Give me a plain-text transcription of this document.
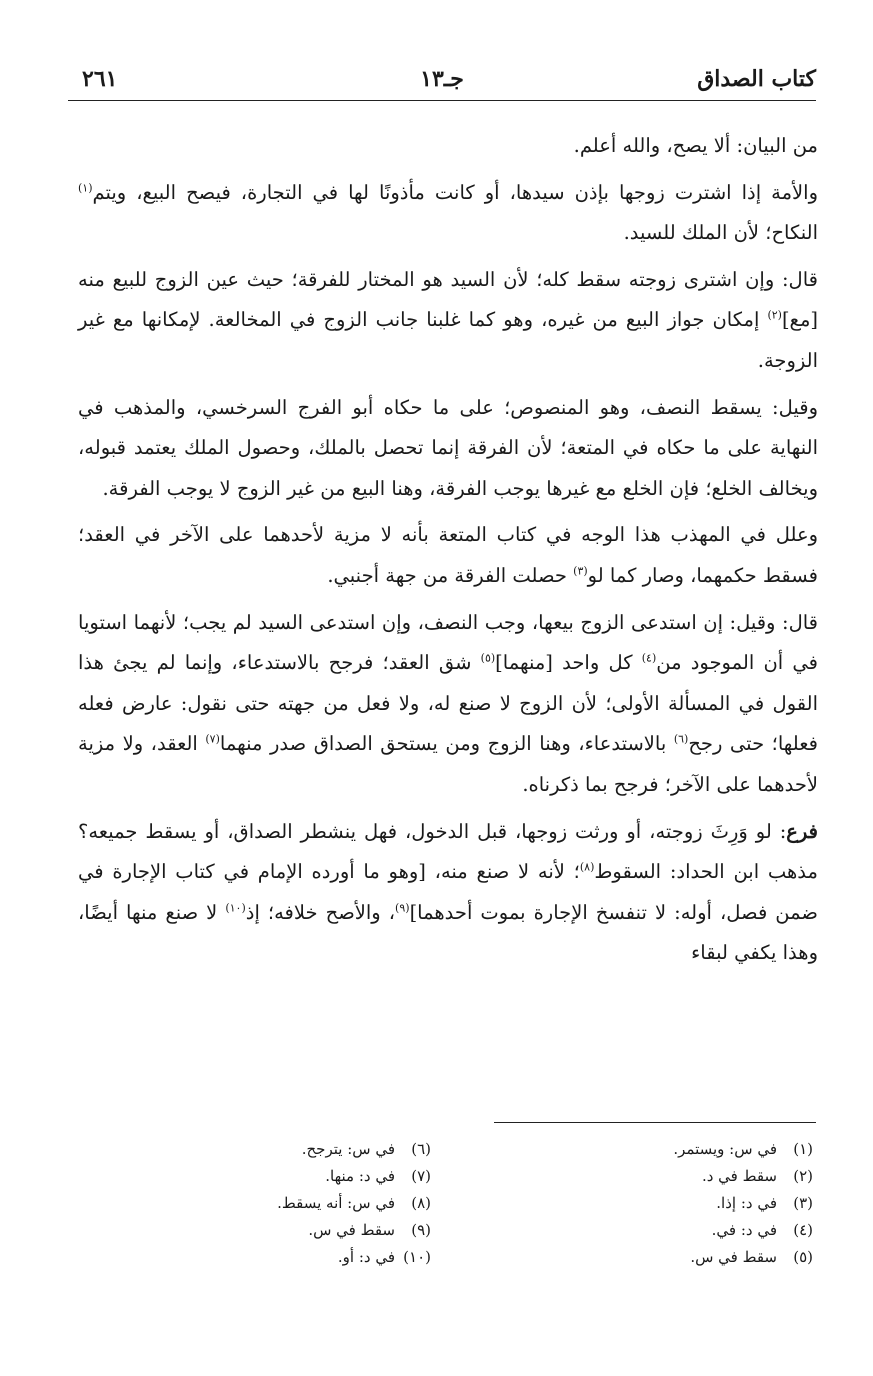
كتاب الصداق
جـ١٣
٢٦١

من البيان: ألا يصح، والله أعلم.

والأمة إذا اشترت زوجها بإذن سيدها، أو كانت مأذونًا لها في التجارة، فيصح البيع، ويتم$^{(١)}$ النكاح؛ لأن الملك للسيد.

قال: وإن اشترى زوجته سقط كله؛ لأن السيد هو المختار للفرقة؛ حيث عين الزوج للبيع منه [مع]$^{(٢)}$ إمكان جواز البيع من غيره، وهو كما غلبنا جانب الزوج في المخالعة. لإمكانها مع غير الزوجة.

وقيل: يسقط النصف، وهو المنصوص؛ على ما حكاه أبو الفرج السرخسي، والمذهب في النهاية على ما حكاه في المتعة؛ لأن الفرقة إنما تحصل بالملك، وحصول الملك يعتمد قبوله، ويخالف الخلع؛ فإن الخلع مع غيرها يوجب الفرقة، وهنا البيع من غير الزوج لا يوجب الفرقة.

وعلل في المهذب هذا الوجه في كتاب المتعة بأنه لا مزية لأحدهما على الآخر في العقد؛ فسقط حكمهما، وصار كما لو$^{(٣)}$ حصلت الفرقة من جهة أجنبي.

قال: وقيل: إن استدعى الزوج بيعها، وجب النصف، وإن استدعى السيد لم يجب؛ لأنهما استويا في أن الموجود من$^{(٤)}$ كل واحد [منهما]$^{(٥)}$ شق العقد؛ فرجح بالاستدعاء، وإنما لم يجئ هذا القول في المسألة الأولى؛ لأن الزوج لا صنع له، ولا فعل من جهته حتى نقول: عارض فعله فعلها؛ حتى رجح$^{(٦)}$ بالاستدعاء، وهنا الزوج ومن يستحق الصداق صدر منهما$^{(٧)}$ العقد، ولا مزية لأحدهما على الآخر؛ فرجح بما ذكرناه.

فرع: لو وَرِثَ زوجته، أو ورثت زوجها، قبل الدخول، فهل ينشطر الصداق، أو يسقط جميعه؟ مذهب ابن الحداد: السقوط$^{(٨)}$؛ لأنه لا صنع منه، [وهو ما أورده الإمام في كتاب الإجارة في ضمن فصل، أوله: لا تنفسخ الإجارة بموت أحدهما]$^{(٩)}$، والأصح خلافه؛ إذ$^{(١٠)}$ لا صنع منها أيضًا، وهذا يكفي لبقاء

(١)في س: ويستمر.
(٢)سقط في د.
(٣)في د: إذا.
(٤)في د: في.
(٥)سقط في س.
(٦)في س: يترجح.
(٧)في د: منها.
(٨)في س: أنه يسقط.
(٩)سقط في س.
(١٠)في د: أو.
